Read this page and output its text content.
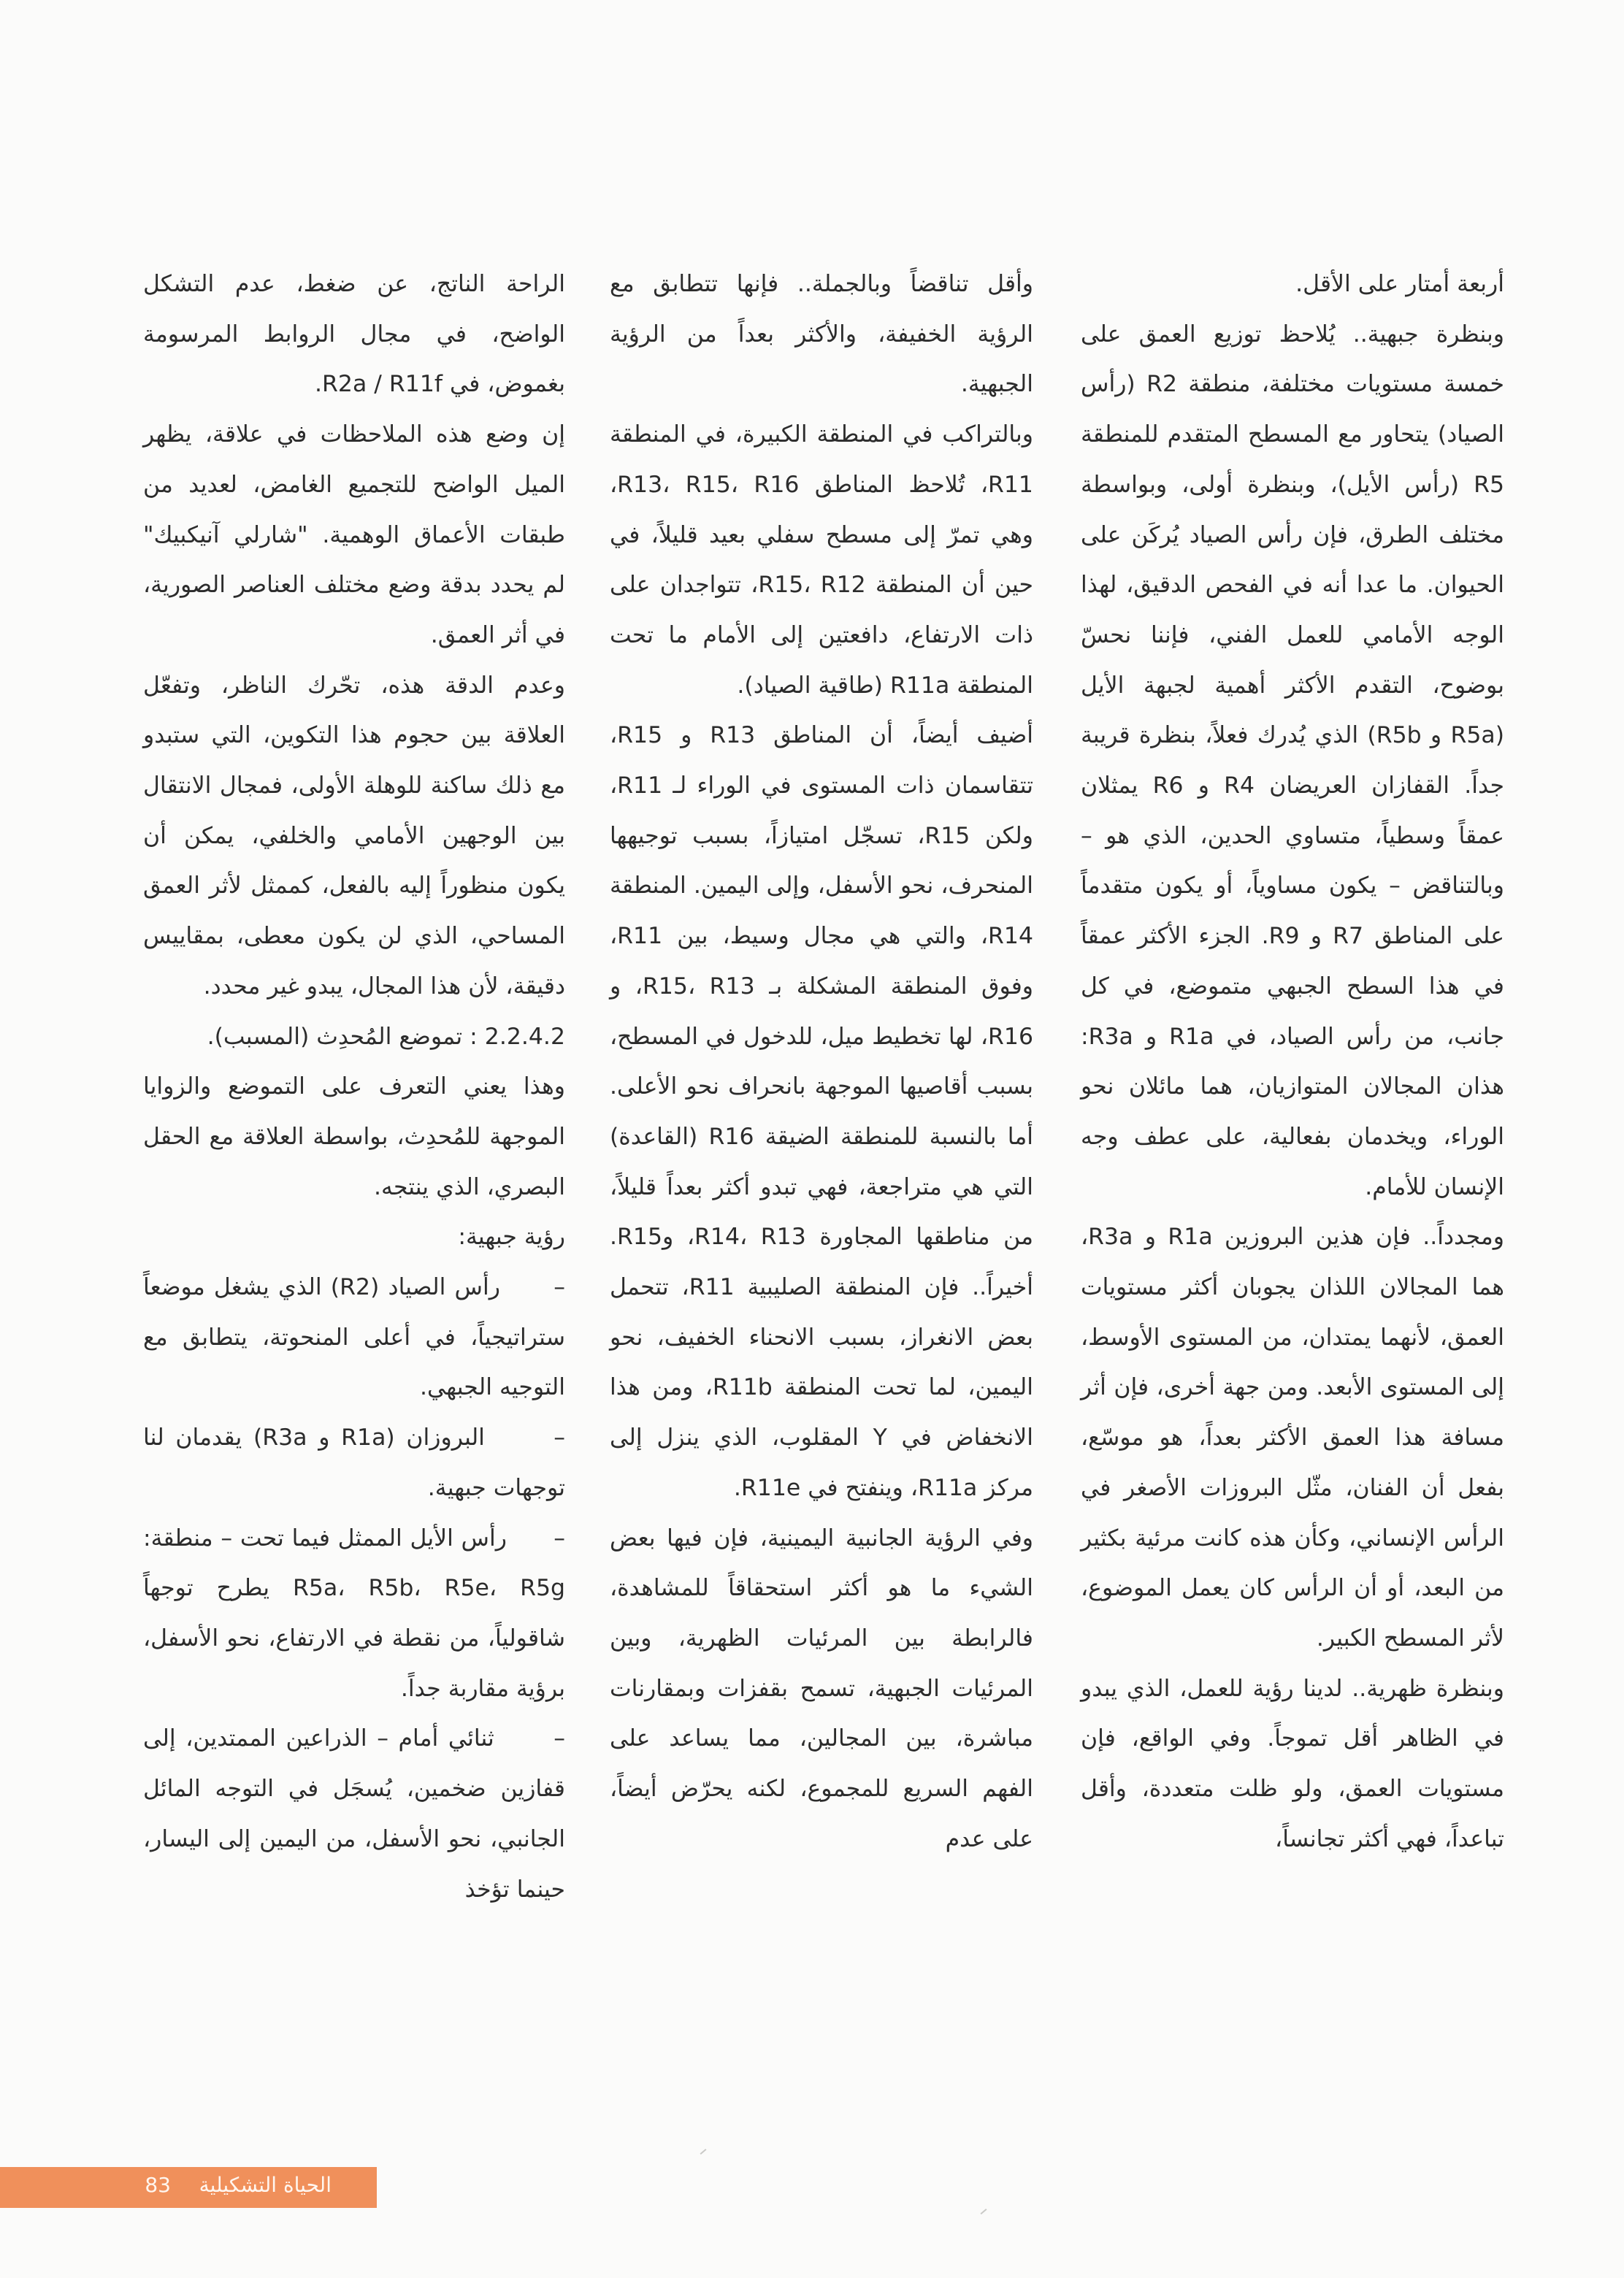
أربعة أمتار على الأقل.

وبنظرة جبهية.. يُلاحظ توزيع العمق على خمسة مستويات مختلفة، منطقة R2 (رأس الصياد) يتحاور مع المسطح المتقدم للمنطقة R5 (رأس الأيل)، وبنظرة أولى، وبواسطة مختلف الطرق، فإن رأس الصياد يُركَن على الحيوان. ما عدا أنه في الفحص الدقيق، لهذا الوجه الأمامي للعمل الفني، فإننا نحسّ بوضوح، التقدم الأكثر أهمية لجبهة الأيل (R5a و R5b) الذي يُدرك فعلاً، بنظرة قريبة جداً. القفازان العريضان R4 و R6 يمثلان عمقاً وسطياً، متساوي الحدين، الذي هو – وبالتناقض – يكون مساوياً، أو يكون متقدماً على المناطق R7 و R9. الجزء الأكثر عمقاً في هذا السطح الجبهي متموضع، في كل جانب، من رأس الصياد، في R1a و R3a: هذان المجالان المتوازيان، هما مائلان نحو الوراء، ويخدمان بفعالية، على عطف وجه الإنسان للأمام.

ومجدداً.. فإن هذين البروزين R1a و R3a، هما المجالان اللذان يجوبان أكثر مستويات العمق، لأنهما يمتدان، من المستوى الأوسط، إلى المستوى الأبعد. ومن جهة أخرى، فإن أثر مسافة هذا العمق الأكثر بعداً، هو موسّع، بفعل أن الفنان، مثّل البروزات الأصغر في الرأس الإنساني، وكأن هذه كانت مرئية بكثير من البعد، أو أن الرأس كان يعمل الموضوع، لأثر المسطح الكبير.

وبنظرة ظهرية.. لدينا رؤية للعمل، الذي يبدو في الظاهر أقل تموجاً. وفي الواقع، فإن مستويات العمق، ولو ظلت متعددة، وأقل تباعداً، فهي أكثر تجانساً،

وأقل تناقضاً وبالجملة.. فإنها تتطابق مع الرؤية الخفيفة، والأكثر بعداً من الرؤية الجبهية.

وبالتراكب في المنطقة الكبيرة، في المنطقة R11، تُلاحظ المناطق R13، R15، R16، وهي تمرّ إلى مسطح سفلي بعيد قليلاً، في حين أن المنطقة R15، R12، تتواجدان على ذات الارتفاع، دافعتين إلى الأمام ما تحت المنطقة R11a (طاقية الصياد).

أضيف أيضاً، أن المناطق R13 و R15، تتقاسمان ذات المستوى في الوراء لـ R11، ولكن R15، تسجّل امتيازاً، بسبب توجيهها المنحرف، نحو الأسفل، وإلى اليمين. المنطقة R14، والتي هي مجال وسيط، بين R11، وفوق المنطقة المشكلة بـ R15، R13، و R16، لها تخطيط ميل، للدخول في المسطح، بسبب أقاصيها الموجهة بانحراف نحو الأعلى. أما بالنسبة للمنطقة الضيقة R16 (القاعدة) التي هي متراجعة، فهي تبدو أكثر بعداً قليلاً، من مناطقها المجاورة R14، R13، وR15. أخيراً.. فإن المنطقة الصليبية R11، تتحمل بعض الانغراز، بسبب الانحناء الخفيف، نحو اليمين، لما تحت المنطقة R11b، ومن هذا الانخفاض في Y المقلوب، الذي ينزل إلى مركز R11a، وينفتح في R11e.

وفي الرؤية الجانبية اليمينية، فإن فيها بعض الشيء ما هو أكثر استحقاقاً للمشاهدة، فالرابطة بين المرئيات الظهرية، وبين المرئيات الجبهية، تسمح بقفزات وبمقارنات مباشرة، بين المجالين، مما يساعد على الفهم السريع للمجموع، لكنه يحرّض أيضاً، على عدم

الراحة الناتج، عن ضغط، عدم التشكل الواضح، في مجال الروابط المرسومة بغموض، في R2a / R11f.

إن وضع هذه الملاحظات في علاقة، يظهر الميل الواضح للتجميع الغامض، لعديد من طبقات الأعماق الوهمية. "شارلي آنيكبيك" لم يحدد بدقة وضع مختلف العناصر الصورية، في أثر العمق.

وعدم الدقة هذه، تحّرك الناظر، وتفعّل العلاقة بين حجوم هذا التكوين، التي ستبدو مع ذلك ساكنة للوهلة الأولى، فمجال الانتقال بين الوجهين الأمامي والخلفي، يمكن أن يكون منظوراً إليه بالفعل، كممثل لأثر العمق المساحي، الذي لن يكون معطى، بمقاييس دقيقة، لأن هذا المجال، يبدو غير محدد.

2.2.4.2 : تموضع المُحدِث (المسبب).

وهذا يعني التعرف على التموضع والزوايا الموجهة للمُحدِث، بواسطة العلاقة مع الحقل البصري، الذي ينتجه.

رؤية جبهية:

–      رأس الصياد (R2) الذي يشغل موضعاً ستراتيجياً، في أعلى المنحوتة، يتطابق مع التوجيه الجبهي.

–      البروزان (R1a و R3a) يقدمان لنا توجهات جبهية.

–      رأس الأيل الممثل فيما تحت – منطقة: R5a، R5b، R5e، R5g يطرح توجهاً شاقولياً، من نقطة في الارتفاع، نحو الأسفل، برؤية مقاربة جداً.

–      ثنائي أمام – الذراعين الممتدين، إلى قفازين ضخمين، يُسجَل في التوجه المائل الجانبي، نحو الأسفل، من اليمين إلى اليسار، حينما تؤخذ

الحياة التشكيلية
83
